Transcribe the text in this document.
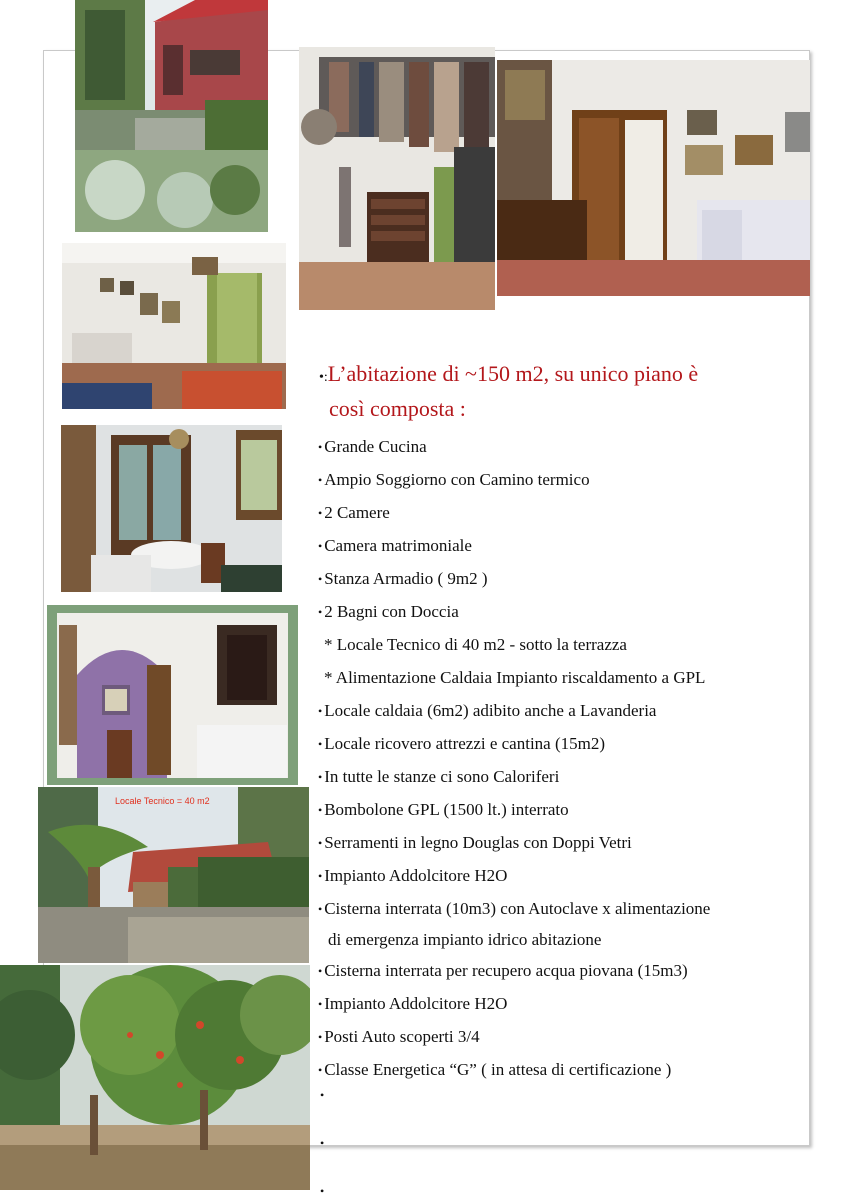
Locale Tecnico = 40 m2
•:L’abitazione di ~150 m2, su unico piano è
così composta :
• Grande Cucina
• Ampio Soggiorno con Camino termico
• 2 Camere
• Camera matrimoniale
• Stanza Armadio ( 9m2 )
• 2 Bagni con Doccia
* Locale Tecnico di 40 m2 - sotto la terrazza
* Alimentazione Caldaia Impianto riscaldamento a GPL
• Locale caldaia (6m2) adibito anche a Lavanderia
• Locale ricovero attrezzi e cantina (15m2)
• In tutte le stanze ci sono Caloriferi
• Bombolone GPL (1500 lt.) interrato
• Serramenti in legno Douglas con Doppi Vetri
• Impianto Addolcitore H2O
• Cisterna interrata (10m3) con Autoclave x alimentazione
di emergenza impianto idrico abitazione
• Cisterna interrata per recupero acqua piovana (15m3)
• Impianto Addolcitore H2O
• Posti Auto scoperti 3/4
• Classe Energetica “G” ( in attesa di certificazione )
•
•
•
